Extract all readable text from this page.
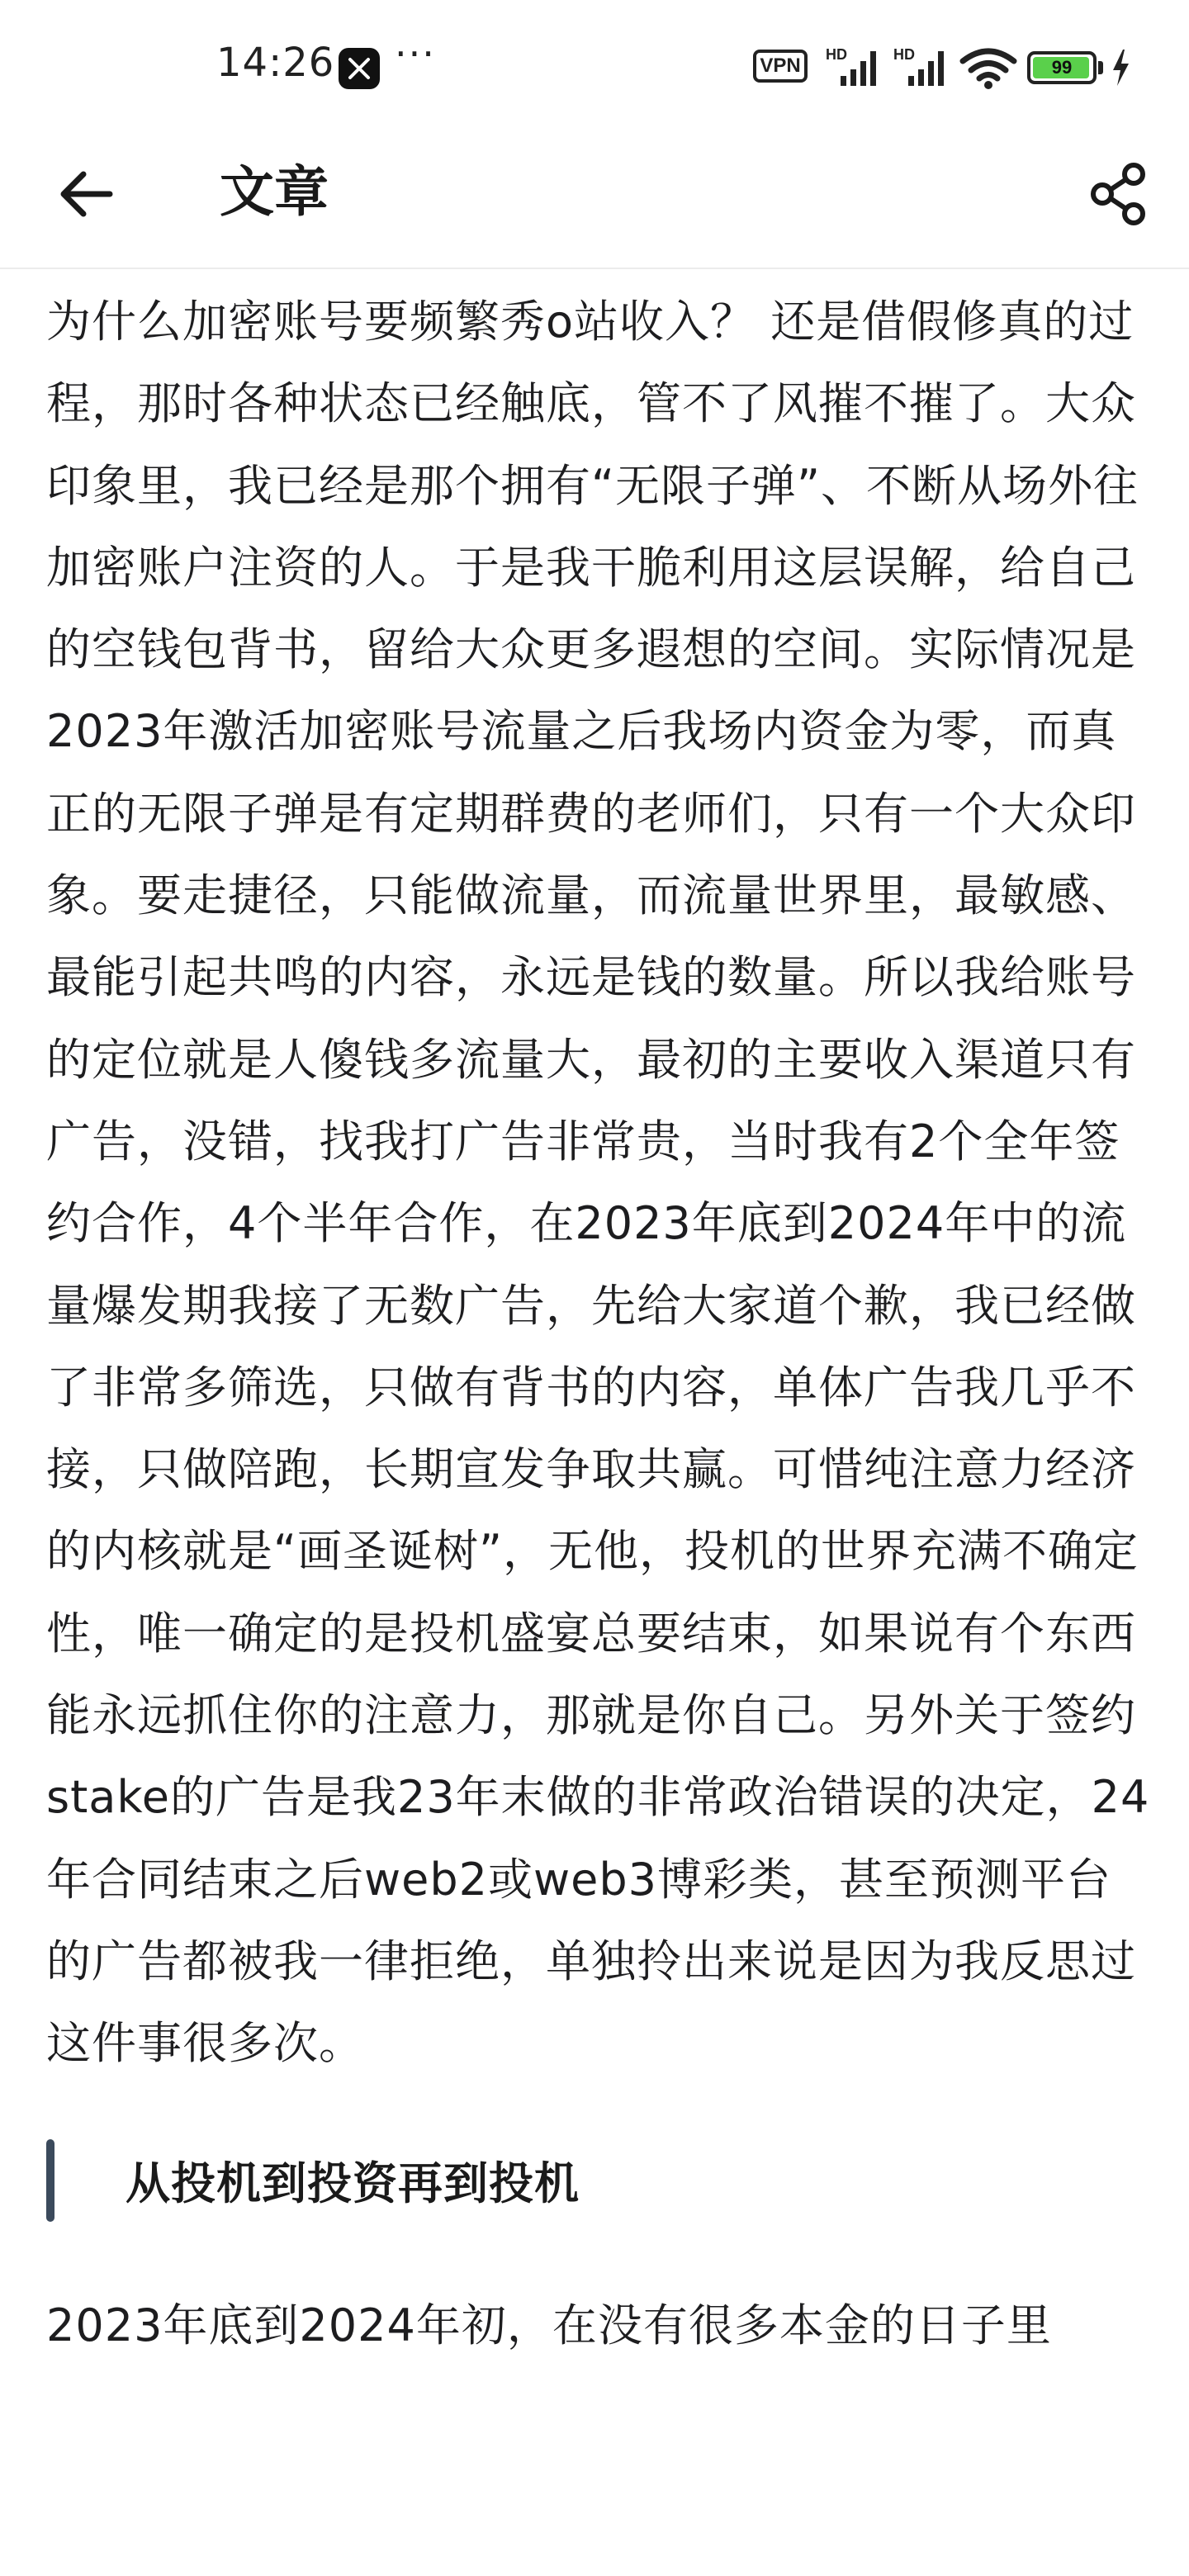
14:26 ···	VPN HD	HD
99
文章

为什么加密账号要频繁秀o站收入？ 还是借假修真的过程，那时各种状态已经触底，管不了风摧不摧了。大众印象里，我已经是那个拥有“无限子弹”、不断从场外往加密账户注资的人。于是我干脆利用这层误解，给自己的空钱包背书，留给大众更多遐想的空间。实际情况是2023年激活加密账号流量之后我场内资金为零，而真正的无限子弹是有定期群费的老师们，只有一个大众印象。要走捷径，只能做流量，而流量世界里，最敏感、最能引起共鸣的内容，永远是钱的数量。所以我给账号的定位就是人傻钱多流量大，最初的主要收入渠道只有广告，没错，找我打广告非常贵，当时我有2个全年签约合作，4个半年合作，在2023年底到2024年中的流量爆发期我接了无数广告，先给大家道个歉，我已经做了非常多筛选，只做有背书的内容，单体广告我几乎不接，只做陪跑，长期宣发争取共赢。可惜纯注意力经济的内核就是“画圣诞树”，无他，投机的世界充满不确定性，唯一确定的是投机盛宴总要结束，如果说有个东西能永远抓住你的注意力，那就是你自己。另外关于签约stake的广告是我23年末做的非常政治错误的决定，24年合同结束之后web2或web3博彩类，甚至预测平台的广告都被我一律拒绝，单独拎出来说是因为我反思过这件事很多次。

从投机到投资再到投机

2023年底到2024年初，在没有很多本金的日子里
